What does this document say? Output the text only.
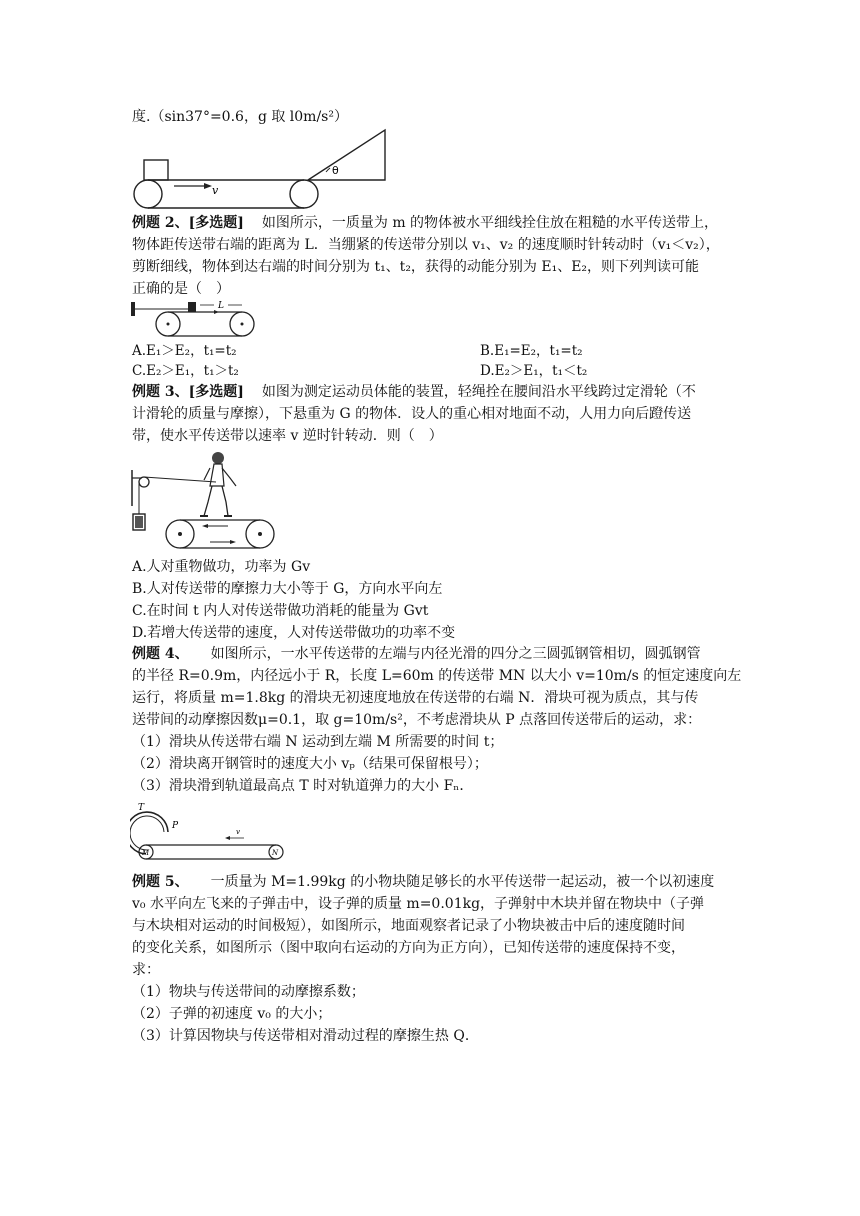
度.（sin37°=0.6，g 取 l0m/s²）
θ
v
例题 2、[多选题] 如图所示，一质量为 m 的物体被水平细线拴住放在粗糙的水平传送带上，
物体距传送带右端的距离为 L．当绷紧的传送带分别以 v₁、v₂ 的速度顺时针转动时（v₁＜v₂），
剪断细线，物体到达右端的时间分别为 t₁、t₂，获得的动能分别为 E₁、E₂，则下列判读可能
正确的是（　）
L
A.E₁＞E₂，t₁=t₂	B.E₁=E₂，t₁=t₂
C.E₂＞E₁，t₁＞t₂	D.E₂＞E₁，t₁＜t₂
例题 3、[多选题] 如图为测定运动员体能的装置，轻绳拴在腰间沿水平线跨过定滑轮（不
计滑轮的质量与摩擦），下悬重为 G 的物体．设人的重心相对地面不动，人用力向后蹬传送
带，使水平传送带以速率 v 逆时针转动．则（　）
A.人对重物做功，功率为 Gv
B.人对传送带的摩擦力大小等于 G，方向水平向左
C.在时间 t 内人对传送带做功消耗的能量为 Gvt
D.若增大传送带的速度，人对传送带做功的功率不变
例题 4、 如图所示，一水平传送带的左端与内径光滑的四分之三圆弧钢管相切，圆弧钢管
的半径 R=0.9m，内径远小于 R，长度 L=60m 的传送带 MN 以大小 v=10m/s 的恒定速度向左
运行，将质量 m=1.8kg 的滑块无初速度地放在传送带的右端 N．滑块可视为质点，其与传
送带间的动摩擦因数μ=0.1，取 g=10m/s²，不考虑滑块从 P 点落回传送带后的运动，求：
（1）滑块从传送带右端 N 运动到左端 M 所需要的时间 t；
（2）滑块离开钢管时的速度大小 vₚ（结果可保留根号）；
（3）滑块滑到轨道最高点 T 时对轨道弹力的大小 Fₙ．
T
P
M	N
v
例题 5、 一质量为 M=1.99kg 的小物块随足够长的水平传送带一起运动，被一个以初速度
v₀ 水平向左飞来的子弹击中，设子弹的质量 m=0.01kg，子弹射中木块并留在物块中（子弹
与木块相对运动的时间极短），如图所示，地面观察者记录了小物块被击中后的速度随时间
的变化关系，如图所示（图中取向右运动的方向为正方向），已知传送带的速度保持不变，
求：
（1）物块与传送带间的动摩擦系数；
（2）子弹的初速度 v₀ 的大小；
（3）计算因物块与传送带相对滑动过程的摩擦生热 Q．
